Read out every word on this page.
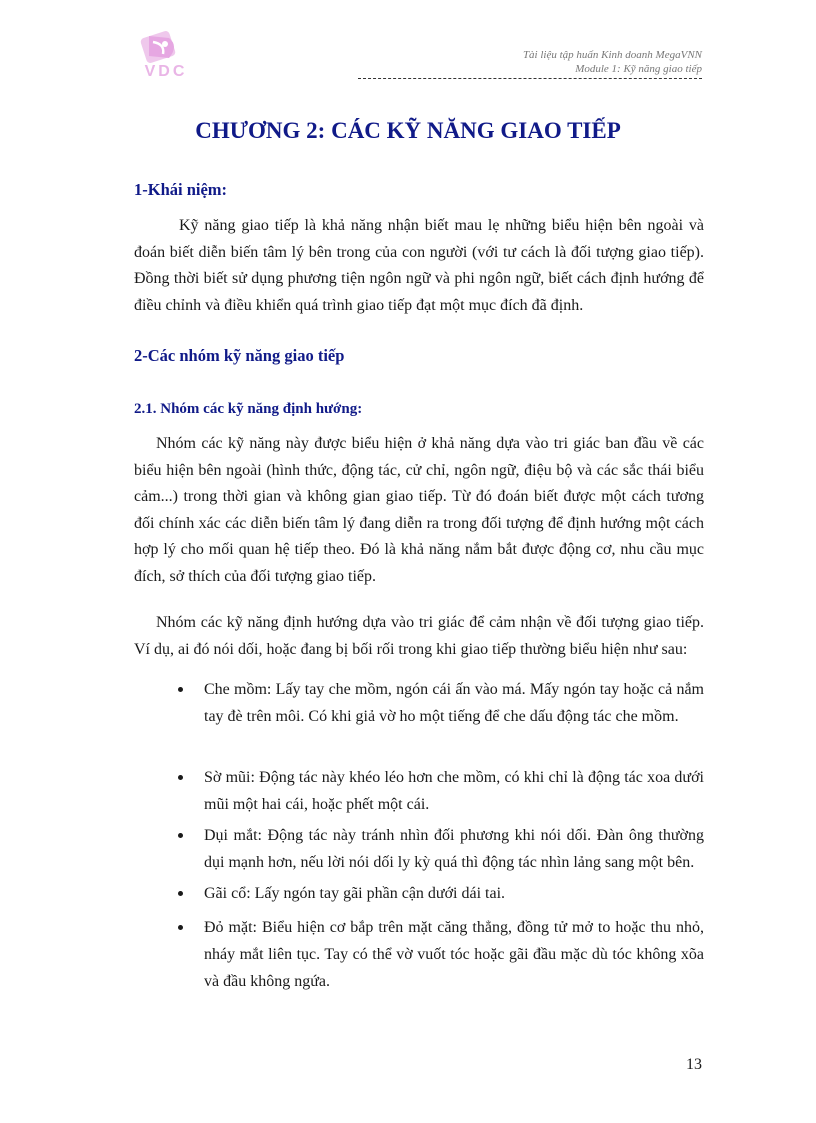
VDC
Tài liệu tập huấn Kinh doanh MegaVNN
Module 1: Kỹ năng giao tiếp
CHƯƠNG 2: CÁC KỸ NĂNG GIAO TIẾP
1-Khái niệm:
Kỹ năng giao tiếp là khả năng nhận biết mau lẹ những biểu hiện bên ngoài và đoán biết diễn biến tâm lý bên trong của con người (với tư cách là đối tượng giao tiếp). Đồng thời biết sử dụng phương tiện ngôn ngữ và phi ngôn ngữ, biết cách định hướng để điều chỉnh và điều khiển quá trình giao tiếp đạt một mục đích đã định.
2-Các nhóm kỹ năng giao tiếp
2.1. Nhóm các kỹ năng định hướng:
Nhóm các kỹ năng này được biểu hiện ở khả năng dựa vào tri giác ban đầu về các biểu hiện bên ngoài (hình thức, động tác, cử chỉ, ngôn ngữ, điệu bộ và các sắc thái biểu cảm...) trong thời gian và không gian giao tiếp. Từ đó đoán biết được một cách tương đối chính xác các diễn biến tâm lý đang diễn ra trong đối tượng để định hướng một cách hợp lý cho mối quan hệ tiếp theo. Đó là khả năng nắm bắt được động cơ, nhu cầu mục đích, sở thích của đối tượng giao tiếp.
Nhóm các kỹ năng định hướng dựa vào tri giác để cảm nhận về đối tượng giao tiếp. Ví dụ, ai đó nói dối, hoặc đang bị bối rối trong khi giao tiếp thường biểu hiện như sau:
Che mồm: Lấy tay che mồm, ngón cái ấn vào má. Mấy ngón tay hoặc cả nắm tay đè trên môi. Có khi giả vờ ho một tiếng để che dấu động tác che mồm.
Sờ mũi: Động tác này khéo léo hơn che mồm, có khi chỉ là động tác xoa dưới mũi một hai cái, hoặc phết một cái.
Dụi mắt: Động tác này tránh nhìn đối phương khi nói dối. Đàn ông thường dụi mạnh hơn, nếu lời nói dối ly kỳ quá thì động tác nhìn lảng sang một bên.
Gãi cổ: Lấy ngón tay gãi phần cận dưới dái tai.
Đỏ mặt: Biểu hiện cơ bắp trên mặt căng thẳng, đồng tử mở to hoặc thu nhỏ, nháy mắt liên tục. Tay có thể vờ vuốt tóc hoặc gãi đầu mặc dù tóc không xõa và đầu không ngứa.
13
